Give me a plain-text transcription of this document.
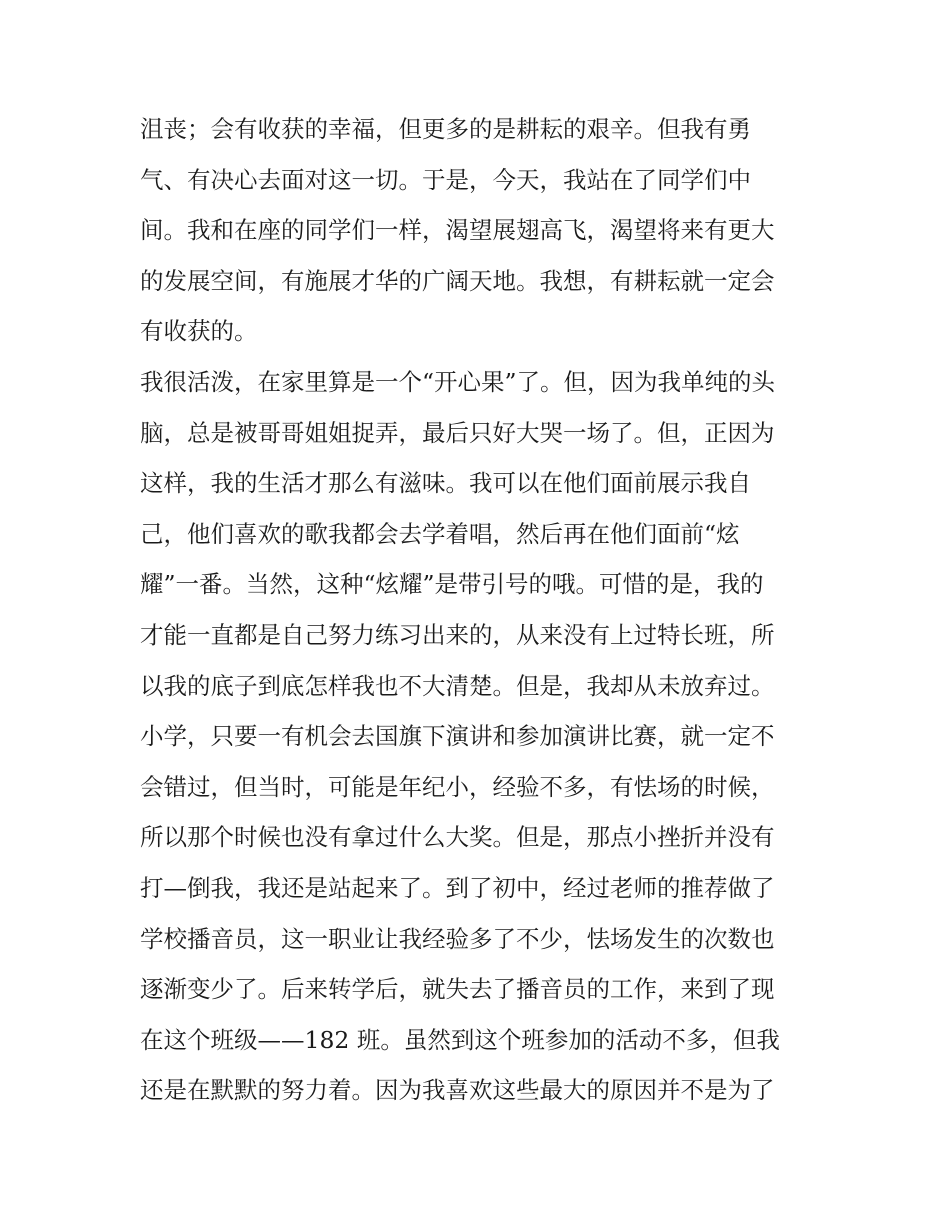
沮丧；会有收获的幸福，但更多的是耕耘的艰辛。但我有勇
气、有决心去面对这一切。于是，今天，我站在了同学们中
间。我和在座的同学们一样，渴望展翅高飞，渴望将来有更大
的发展空间，有施展才华的广阔天地。我想，有耕耘就一定会
有收获的。
我很活泼，在家里算是一个“开心果”了。但，因为我单纯的头
脑，总是被哥哥姐姐捉弄，最后只好大哭一场了。但，正因为
这样，我的生活才那么有滋味。我可以在他们面前展示我自
己，他们喜欢的歌我都会去学着唱，然后再在他们面前“炫
耀”一番。当然，这种“炫耀”是带引号的哦。可惜的是，我的
才能一直都是自己努力练习出来的，从来没有上过特长班，所
以我的底子到底怎样我也不大清楚。但是，我却从未放弃过。
小学，只要一有机会去国旗下演讲和参加演讲比赛，就一定不
会错过，但当时，可能是年纪小，经验不多，有怯场的时候，
所以那个时候也没有拿过什么大奖。但是，那点小挫折并没有
打—倒我，我还是站起来了。到了初中，经过老师的推荐做了
学校播音员，这一职业让我经验多了不少，怯场发生的次数也
逐渐变少了。后来转学后，就失去了播音员的工作，来到了现
在这个班级——182 班。虽然到这个班参加的活动不多，但我
还是在默默的努力着。因为我喜欢这些最大的原因并不是为了
